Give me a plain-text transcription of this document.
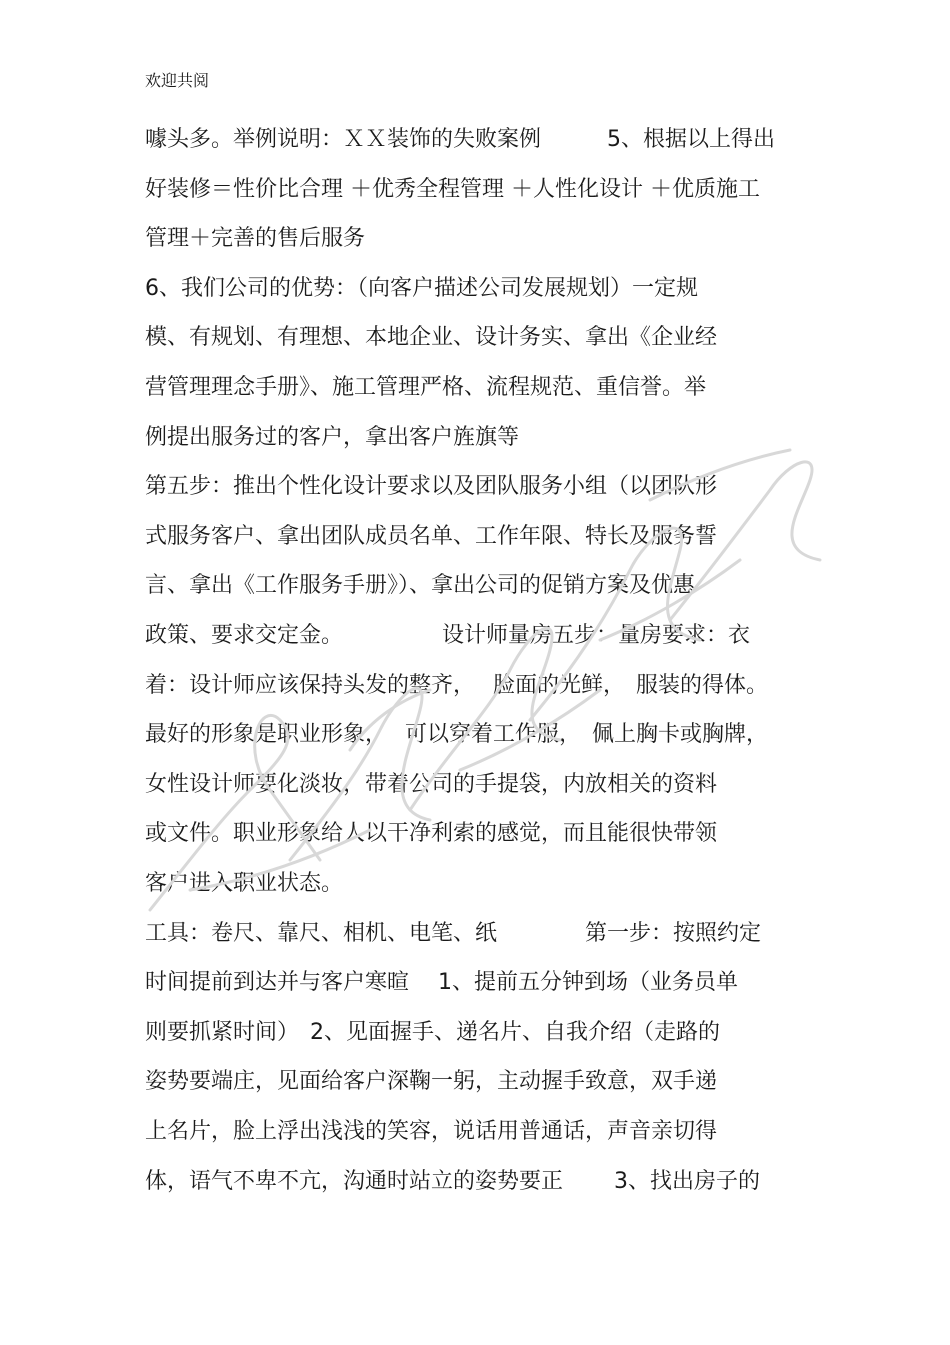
欢迎共阅
噱头多。举例说明：ＸＸ装饰的失败案例　　　5、根据以上得出
好装修＝性价比合理 ＋优秀全程管理 ＋人性化设计 ＋优质施工
管理＋完善的售后服务
6、我们公司的优势：（向客户描述公司发展规划）一定规
模、有规划、有理想、本地企业、设计务实、拿出《企业经
营管理理念手册》、施工管理严格、流程规范、重信誉。举
例提出服务过的客户，拿出客户旌旗等
第五步：推出个性化设计要求以及团队服务小组（以团队形
式服务客户、拿出团队成员名单、工作年限、特长及服务誓
言、拿出《工作服务手册》）、拿出公司的促销方案及优惠
政策、要求交定金。　　　　　设计师量房五步：量房要求：衣
着：设计师应该保持头发的整齐，　 脸面的光鲜，　服装的得体。
最好的形象是职业形象，　 可以穿着工作服，　佩上胸卡或胸牌，
女性设计师要化淡妆，带着公司的手提袋，内放相关的资料
或文件。职业形象给人以干净利索的感觉，而且能很快带领
客户进入职业状态。
工具：卷尺、靠尺、相机、电笔、纸　　　　第一步：按照约定
时间提前到达并与客户寒暄　 1、提前五分钟到场（业务员单
则要抓紧时间）　2、见面握手、递名片、自我介绍（走路的
姿势要端庄，见面给客户深鞠一躬，主动握手致意，双手递
上名片，脸上浮出浅浅的笑容，说话用普通话，声音亲切得
体，语气不卑不亢，沟通时站立的姿势要正　　 3、找出房子的
